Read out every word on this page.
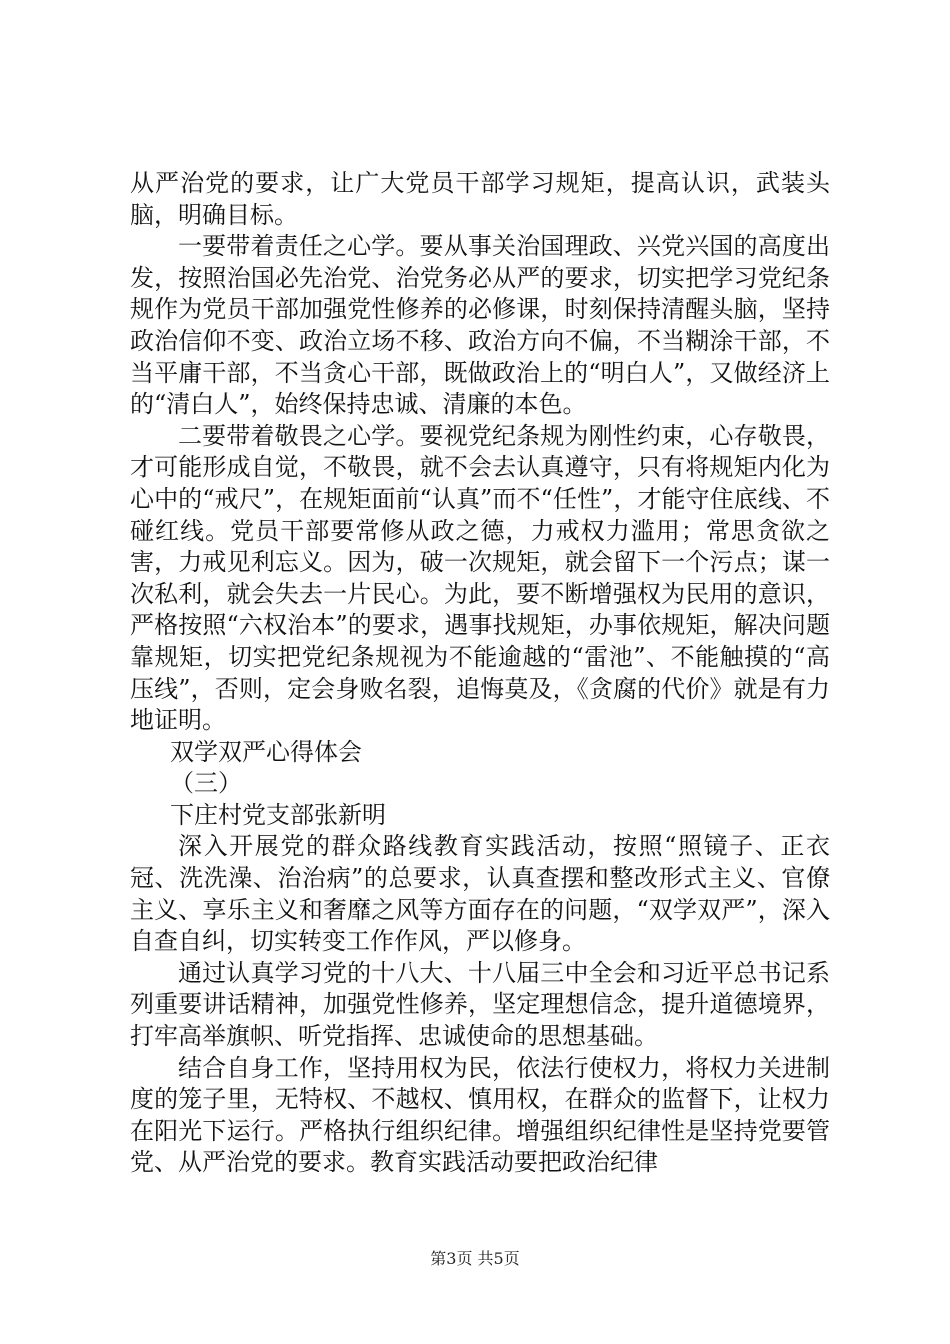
从严治党的要求，让广大党员干部学习规矩，提高认识，武装头脑，明确目标。

一要带着责任之心学。要从事关治国理政、兴党兴国的高度出发，按照治国必先治党、治党务必从严的要求，切实把学习党纪条规作为党员干部加强党性修养的必修课，时刻保持清醒头脑，坚持政治信仰不变、政治立场不移、政治方向不偏，不当糊涂干部，不当平庸干部，不当贪心干部，既做政治上的“明白人”，又做经济上的“清白人”，始终保持忠诚、清廉的本色。

二要带着敬畏之心学。要视党纪条规为刚性约束，心存敬畏，才可能形成自觉，不敬畏，就不会去认真遵守，只有将规矩内化为心中的“戒尺”，在规矩面前“认真”而不“任性”，才能守住底线、不碰红线。党员干部要常修从政之德，力戒权力滥用；常思贪欲之害，力戒见利忘义。因为，破一次规矩，就会留下一个污点；谋一次私利，就会失去一片民心。为此，要不断增强权为民用的意识，严格按照“六权治本”的要求，遇事找规矩，办事依规矩，解决问题靠规矩，切实把党纪条规视为不能逾越的“雷池”、不能触摸的“高压线”，否则，定会身败名裂，追悔莫及，《贪腐的代价》就是有力地证明。

双学双严心得体会

（三）

下庄村党支部张新明

深入开展党的群众路线教育实践活动，按照“照镜子、正衣冠、洗洗澡、治治病”的总要求，认真查摆和整改形式主义、官僚主义、享乐主义和奢靡之风等方面存在的问题，“双学双严”，深入自查自纠，切实转变工作作风，严以修身。

通过认真学习党的十八大、十八届三中全会和习近平总书记系列重要讲话精神，加强党性修养，坚定理想信念，提升道德境界，打牢高举旗帜、听党指挥、忠诚使命的思想基础。

结合自身工作，坚持用权为民，依法行使权力，将权力关进制度的笼子里，无特权、不越权、慎用权，在群众的监督下，让权力在阳光下运行。严格执行组织纪律。增强组织纪律性是坚持党要管党、从严治党的要求。教育实践活动要把政治纪律

第3页 共5页
